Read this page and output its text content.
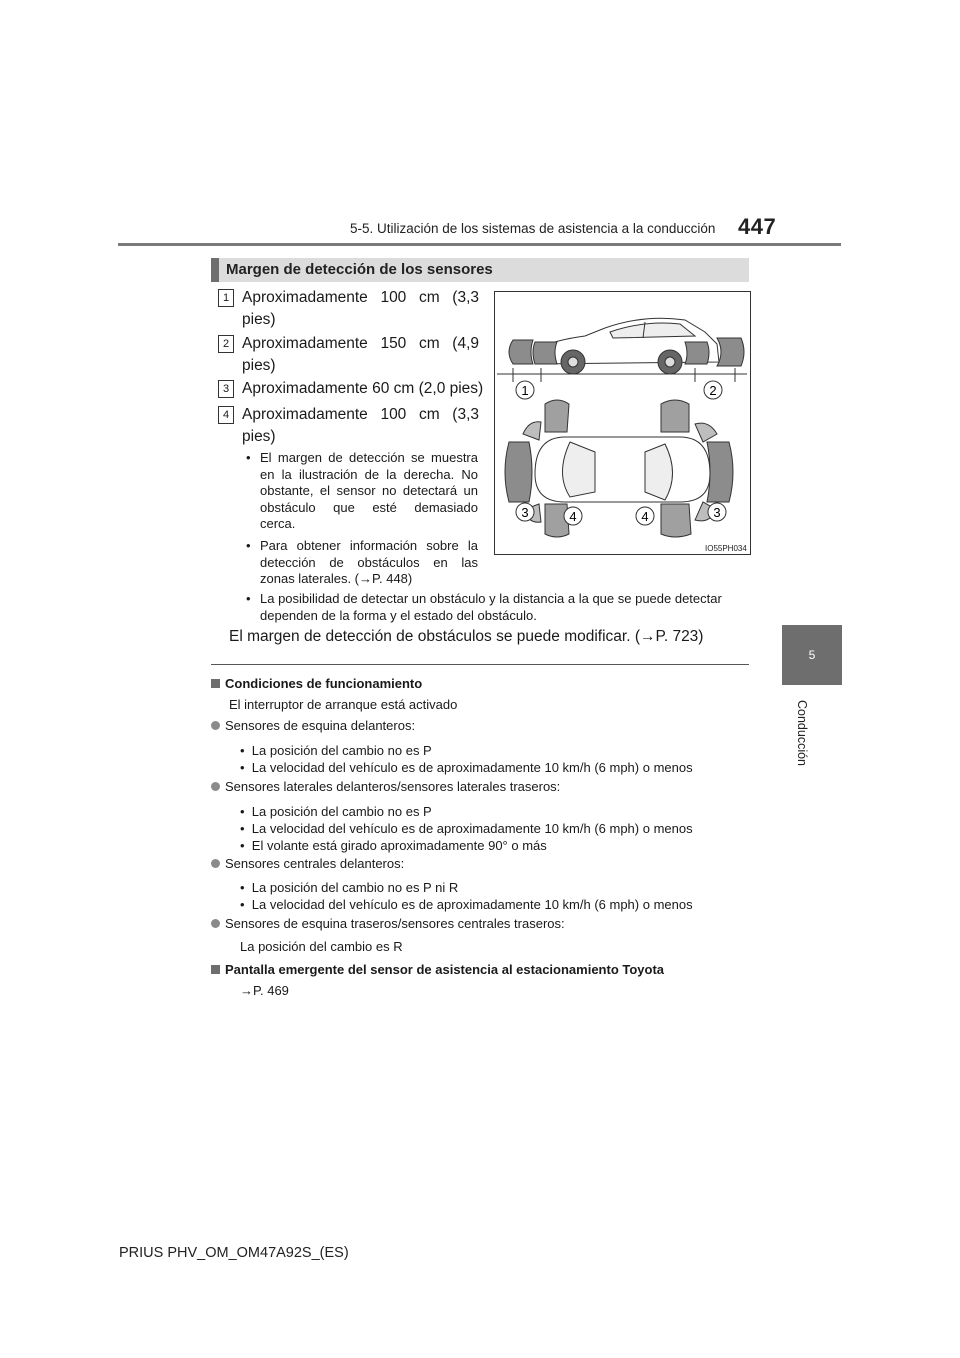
5-5. Utilización de los sistemas de asistencia a la conducción 447
5
Conducción
Margen de detección de los sensores
1 Aproximadamente 100 cm (3,3
pies)
2 Aproximadamente 150 cm (4,9
pies)
3 Aproximadamente 60 cm (2,0 pies)
4 Aproximadamente 100 cm (3,3
pies)
• El margen de detección se muestra
en la ilustración de la derecha. No
obstante, el sensor no detectará un
obstáculo que esté demasiado
cerca.
• Para obtener información sobre la
detección de obstáculos en las
zonas laterales. (→P. 448)
• La posibilidad de detectar un obstáculo y la distancia a la que se puede detectar
dependen de la forma y el estado del obstáculo.
El margen de detección de obstáculos se puede modificar. (→P. 723)
1	2
3	4	4	3
IO55PH034
Condiciones de funcionamiento
El interruptor de arranque está activado
Sensores de esquina delanteros:
•  La posición del cambio no es P
•  La velocidad del vehículo es de aproximadamente 10 km/h (6 mph) o menos
Sensores laterales delanteros/sensores laterales traseros:
•  La posición del cambio no es P
•  La velocidad del vehículo es de aproximadamente 10 km/h (6 mph) o menos
•  El volante está girado aproximadamente 90° o más
Sensores centrales delanteros:
•  La posición del cambio no es P ni R
•  La velocidad del vehículo es de aproximadamente 10 km/h (6 mph) o menos
Sensores de esquina traseros/sensores centrales traseros:
La posición del cambio es R
Pantalla emergente del sensor de asistencia al estacionamiento Toyota
→P. 469
PRIUS PHV_OM_OM47A92S_(ES)
